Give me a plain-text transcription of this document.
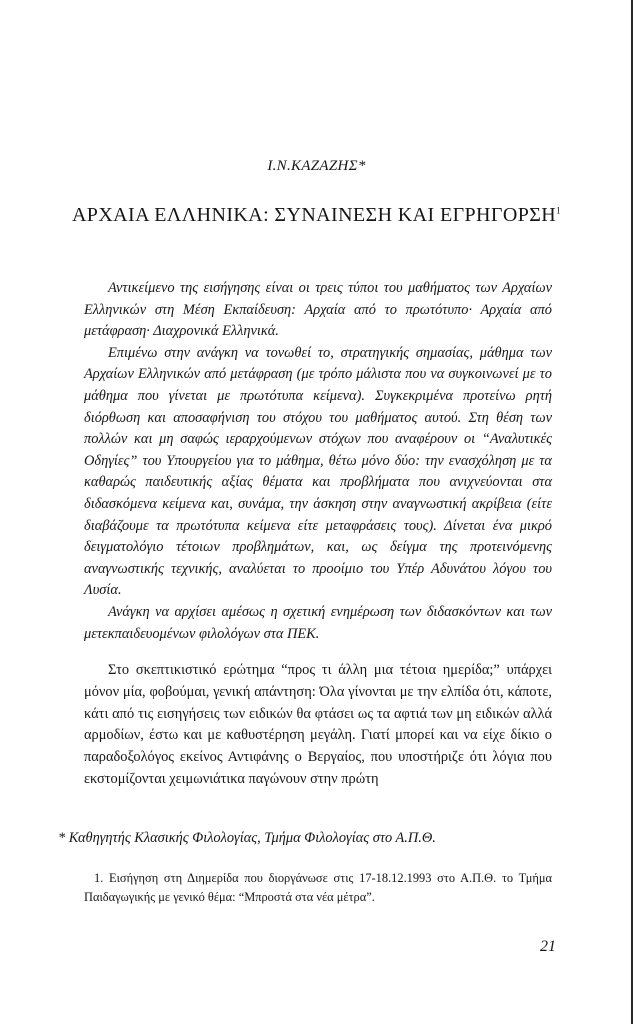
Ι.Ν.ΚΑΖΑΖΗΣ*
ΑΡΧΑΙΑ ΕΛΛΗΝΙΚΑ: ΣΥΝΑΙΝΕΣΗ ΚΑΙ ΕΓΡΗΓΟΡΣΗ$^1$

Αντικείμενο της εισήγησης είναι οι τρεις τύποι του μαθήματος των Αρχαίων Ελληνικών στη Μέση Εκπαίδευση: Αρχαία από το πρωτότυπο· Αρχαία από μετάφραση· Διαχρονικά Ελληνικά.

Επιμένω στην ανάγκη να τονωθεί το, στρατηγικής σημασίας, μάθημα των Αρχαίων Ελληνικών από μετάφραση (με τρόπο μάλιστα που να συγκοινωνεί με το μάθημα που γίνεται με πρωτότυπα κείμενα). Συγκεκριμένα προτείνω ρητή διόρθωση και αποσαφήνιση του στόχου του μαθήματος αυτού. Στη θέση των πολλών και μη σαφώς ιεραρχούμενων στόχων που αναφέρουν οι “Αναλυτικές Οδηγίες” του Υπουργείου για το μάθημα, θέτω μόνο δύο: την ενασχόληση με τα καθαρώς παιδευτικής αξίας θέματα και προβλήματα που ανιχνεύονται στα διδασκόμενα κείμενα και, συνάμα, την άσκηση στην αναγνωστική ακρίβεια (είτε διαβάζουμε τα πρωτότυπα κείμενα είτε μεταφράσεις τους). Δίνεται ένα μικρό δειγματολόγιο τέτοιων προβλημάτων, και, ως δείγμα της προτεινόμενης αναγνωστικής τεχνικής, αναλύεται το προοίμιο του Υπέρ Αδυνάτου λόγου του Λυσία.

Ανάγκη να αρχίσει αμέσως η σχετική ενημέρωση των διδασκόντων και των μετεκπαιδευομένων φιλολόγων στα ΠΕΚ.

Στο σκεπτικιστικό ερώτημα “προς τι άλλη μια τέτοια ημερίδα;” υπάρχει μόνον μία, φοβούμαι, γενική απάντηση: Όλα γίνονται με την ελπίδα ότι, κάποτε, κάτι από τις εισηγήσεις των ειδικών θα φτάσει ως τα αφτιά των μη ειδικών αλλά αρμοδίων, έστω και με καθυστέρηση μεγάλη. Γιατί μπορεί και να είχε δίκιο ο παραδοξολόγος εκείνος Αντιφάνης ο Βεργαίος, που υποστήριζε ότι λόγια που εκστομίζονται χειμωνιάτικα παγώνουν στην πρώτη

* Καθηγητής Κλασικής Φιλολογίας, Τμήμα Φιλολογίας στο Α.Π.Θ.

1. Εισήγηση στη Διημερίδα που διοργάνωσε στις 17-18.12.1993 στο Α.Π.Θ. το Τμήμα Παιδαγωγικής με γενικό θέμα: “Μπροστά στα νέα μέτρα”.

21
